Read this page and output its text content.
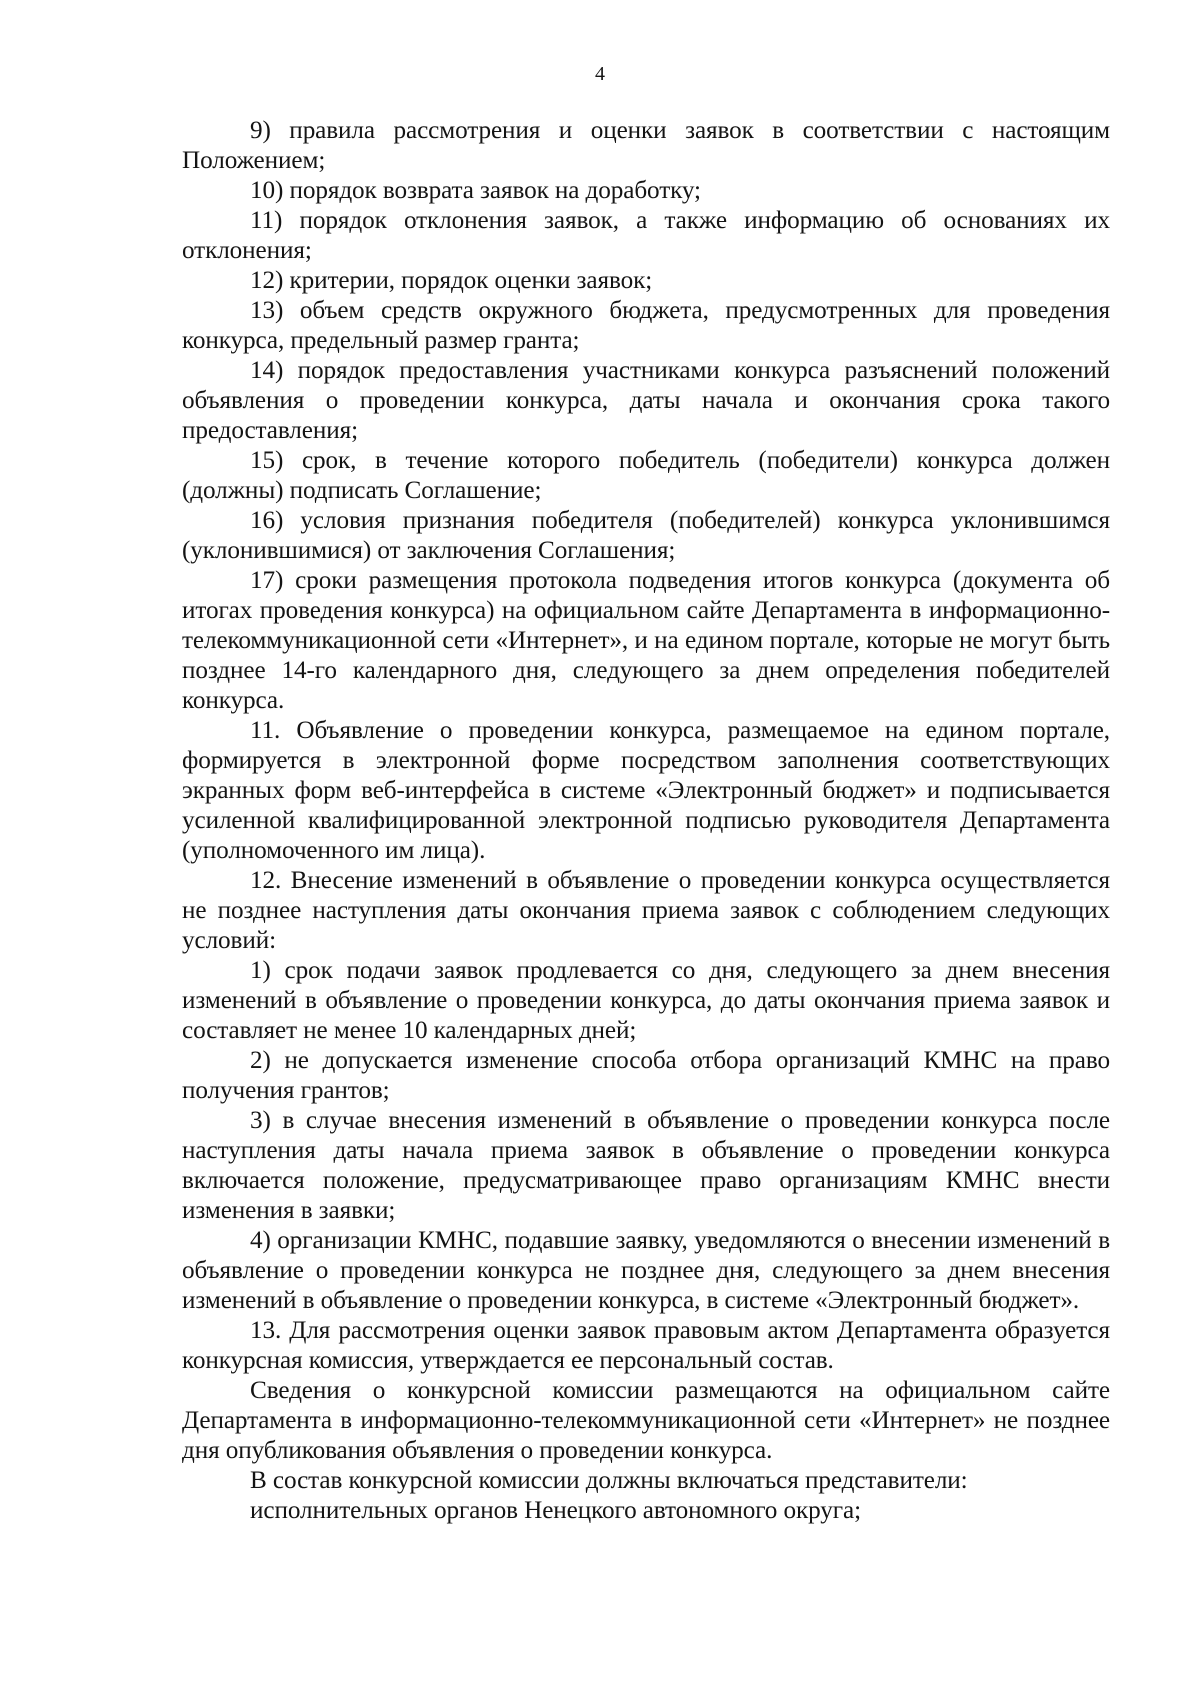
4

9) правила рассмотрения и оценки заявок в соответствии с настоящим Положением;

10) порядок возврата заявок на доработку;

11) порядок отклонения заявок, а также информацию об основаниях их отклонения;

12) критерии, порядок оценки заявок;

13) объем средств окружного бюджета, предусмотренных для проведения конкурса, предельный размер гранта;

14) порядок предоставления участниками конкурса разъяснений положений объявления о проведении конкурса, даты начала и окончания срока такого предоставления;

15) срок, в течение которого победитель (победители) конкурса должен (должны) подписать Соглашение;

16) условия признания победителя (победителей) конкурса уклонившимся (уклонившимися) от заключения Соглашения;

17) сроки размещения протокола подведения итогов конкурса (документа об итогах проведения конкурса) на официальном сайте Департамента в информационно-телекоммуникационной сети «Интернет», и на едином портале, которые не могут быть позднее 14-го календарного дня, следующего за днем определения победителей конкурса.

11. Объявление о проведении конкурса, размещаемое на едином портале, формируется в электронной форме посредством заполнения соответствующих экранных форм веб-интерфейса в системе «Электронный бюджет» и подписывается усиленной квалифицированной электронной подписью руководителя Департамента (уполномоченного им лица).

12. Внесение изменений в объявление о проведении конкурса осуществляется не позднее наступления даты окончания приема заявок с соблюдением следующих условий:

1) срок подачи заявок продлевается со дня, следующего за днем внесения изменений в объявление о проведении конкурса, до даты окончания приема заявок и составляет не менее 10 календарных дней;

2) не допускается изменение способа отбора организаций КМНС на право получения грантов;

3) в случае внесения изменений в объявление о проведении конкурса после наступления даты начала приема заявок в объявление о проведении конкурса включается положение, предусматривающее право организациям КМНС внести изменения в заявки;

4) организации КМНС, подавшие заявку, уведомляются о внесении изменений в объявление о проведении конкурса не позднее дня, следующего за днем внесения изменений в объявление о проведении конкурса, в системе «Электронный бюджет».

13. Для рассмотрения оценки заявок правовым актом Департамента образуется конкурсная комиссия, утверждается ее персональный состав.

Сведения о конкурсной комиссии размещаются на официальном сайте Департамента в информационно-телекоммуникационной сети «Интернет» не позднее дня опубликования объявления о проведении конкурса.

В состав конкурсной комиссии должны включаться представители:

исполнительных органов Ненецкого автономного округа;
